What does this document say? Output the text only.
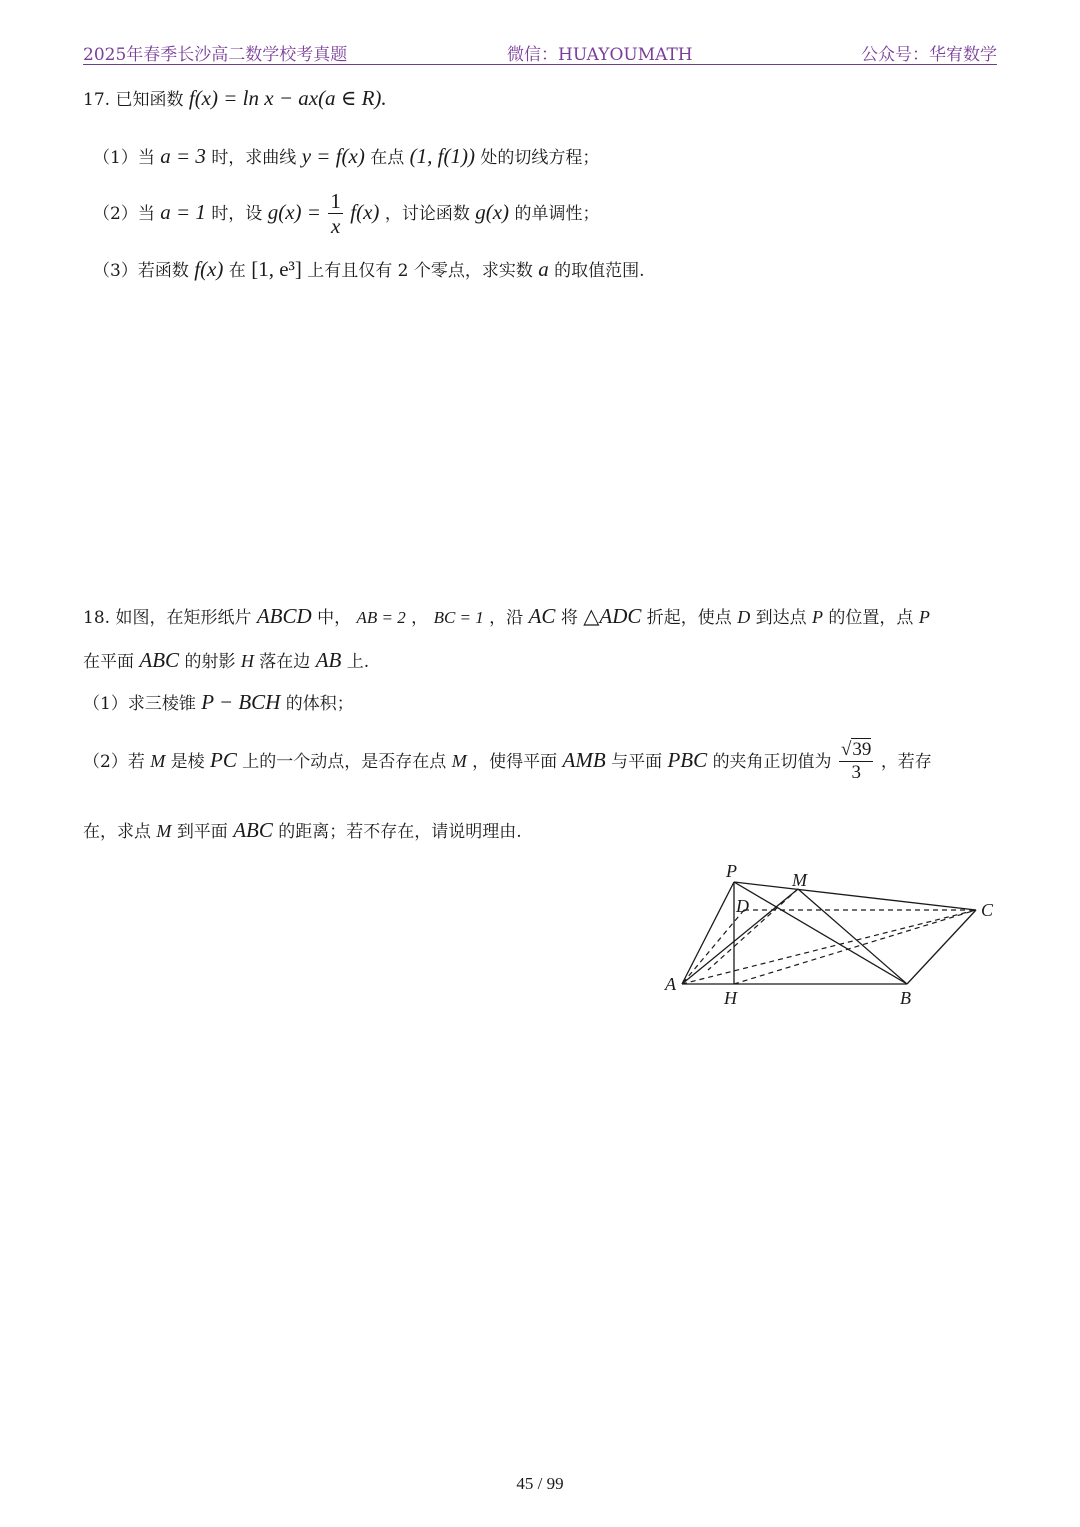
2025年春季长沙高二数学校考真题	微信：HUAYOUMATH	公众号：华宥数学
17. 已知函数 f(x) = ln x − ax(a ∈ R).
（1）当 a = 3 时，求曲线 y = f(x) 在点 (1, f(1)) 处的切线方程；
（2）当 a = 1 时，设 $g(x) = \frac{1}{x} f(x)$ ，讨论函数 g(x) 的单调性；
（3）若函数 f(x) 在 [1, e³] 上有且仅有 2 个零点，求实数 a 的取值范围.
18. 如图，在矩形纸片 ABCD 中， AB = 2 ， BC = 1 ，沿 AC 将 △ADC 折起，使点 D 到达点 P 的位置，点 P
在平面 ABC 的射影 H 落在边 AB 上.
（1）求三棱锥 P − BCH 的体积；
（2）若 M 是棱 PC 上的一个动点，是否存在点 M ，使得平面 AMB 与平面 PBC 的夹角正切值为 $\frac{√39}{3}$ ，若存
在，求点 M 到平面 ABC 的距离；若不存在，请说明理由.
P	M
D	C
A
H	B
45 / 99
